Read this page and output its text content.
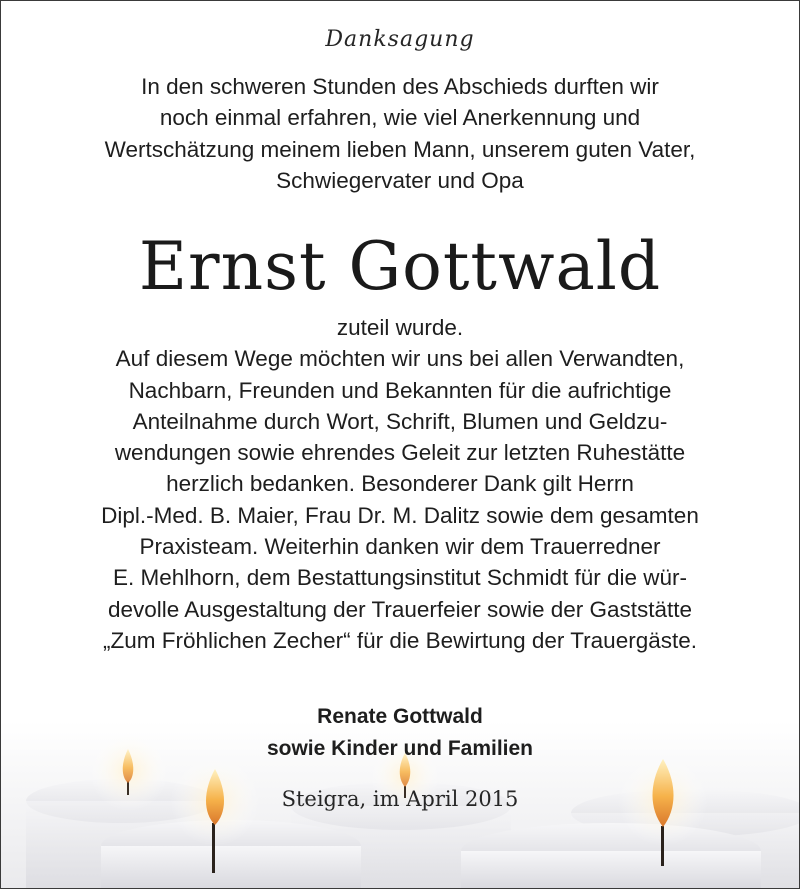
Danksagung
In den schweren Stunden des Abschieds durften wir
noch einmal erfahren, wie viel Anerkennung und
Wertschätzung meinem lieben Mann, unserem guten Vater,
Schwiegervater und Opa
Ernst Gottwald
zuteil wurde.
Auf diesem Wege möchten wir uns bei allen Verwandten,
Nachbarn, Freunden und Bekannten für die aufrichtige
Anteilnahme durch Wort, Schrift, Blumen und Geldzu-
wendungen sowie ehrendes Geleit zur letzten Ruhestätte
herzlich bedanken. Besonderer Dank gilt Herrn
Dipl.-Med. B. Maier, Frau Dr. M. Dalitz sowie dem gesamten
Praxisteam. Weiterhin danken wir dem Trauerredner
E. Mehlhorn, dem Bestattungsinstitut Schmidt für die wür-
devolle Ausgestaltung der Trauerfeier sowie der Gaststätte
„Zum Fröhlichen Zecher“ für die Bewirtung der Trauergäste.
Renate Gottwald
sowie Kinder und Familien
Steigra, im April 2015
